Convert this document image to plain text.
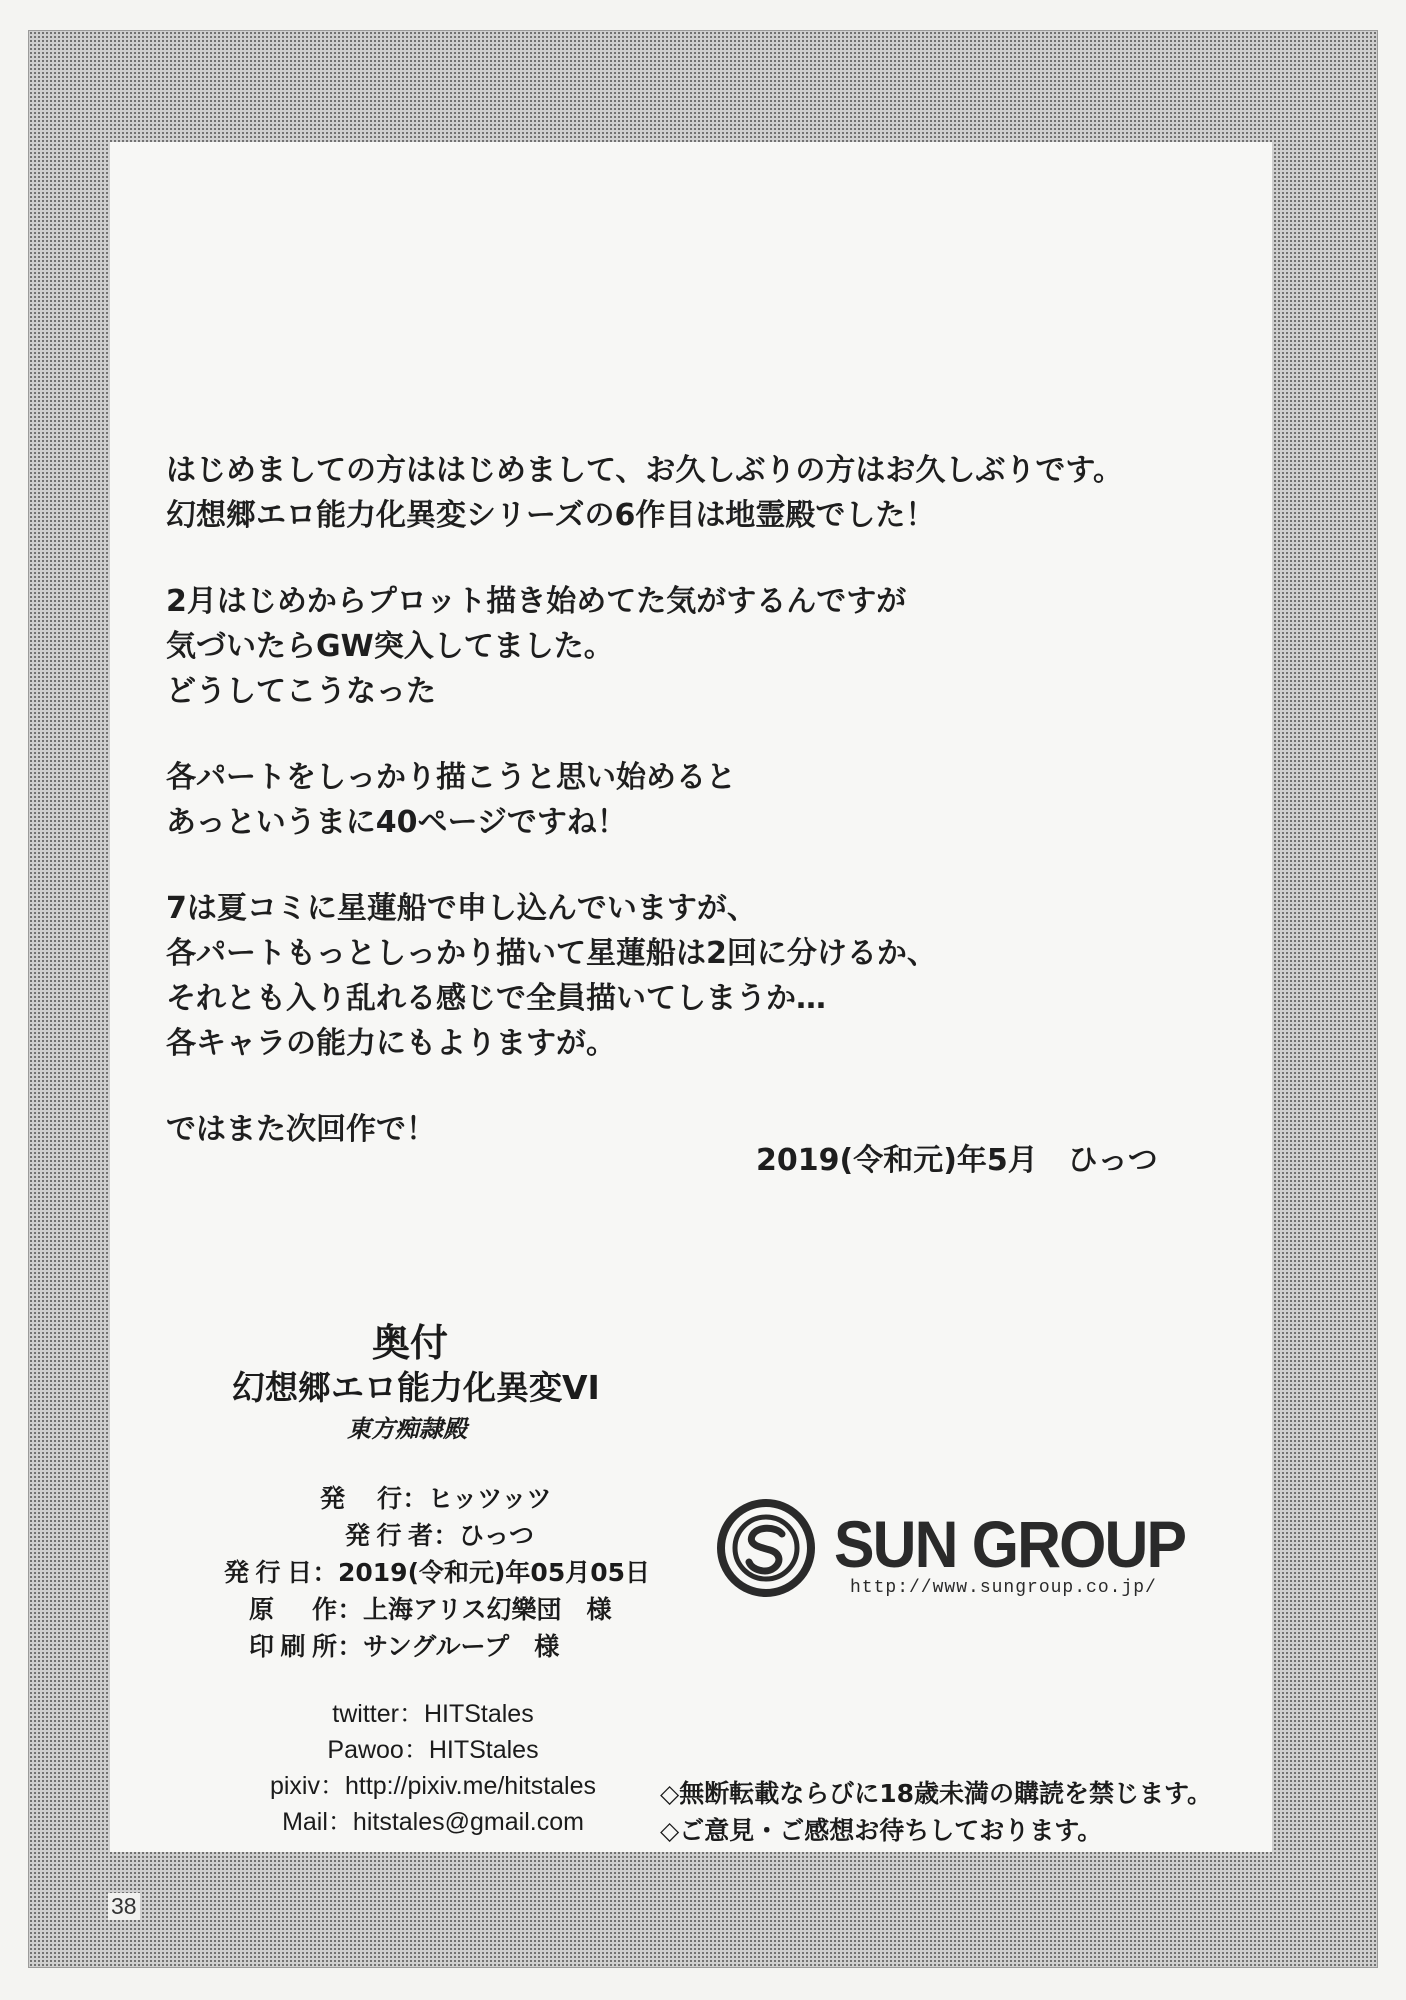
はじめましての方ははじめまして、お久しぶりの方はお久しぶりです。
幻想郷エロ能力化異変シリーズの6作目は地霊殿でした！

2月はじめからプロット描き始めてた気がするんですが
気づいたらGW突入してました。
どうしてこうなった

各パートをしっかり描こうと思い始めると
あっというまに40ページですね！

7は夏コミに星蓮船で申し込んでいますが、
各パートもっとしっかり描いて星蓮船は2回に分けるか、
それとも入り乱れる感じで全員描いてしまうか…
各キャラの能力にもよりますが。

ではまた次回作で！

2019(令和元)年5月　ひっつ
奥付
幻想郷エロ能力化異変VI
東方痴隷殿
発行 ： ヒッツッツ
発行者 ： ひっつ
発行日 ： 2019(令和元)年05月05日
原作 ： 上海アリス幻樂団　様
印刷所 ： サングループ　様
twitter：HITStales
Pawoo：HITStales
pixiv：http://pixiv.me/hitstales
Mail：hitstales@gmail.com
SUN GROUP
http://www.sungroup.co.jp/
◇無断転載ならびに18歳未満の購読を禁じます。
◇ご意見・ご感想お待ちしております。
38
